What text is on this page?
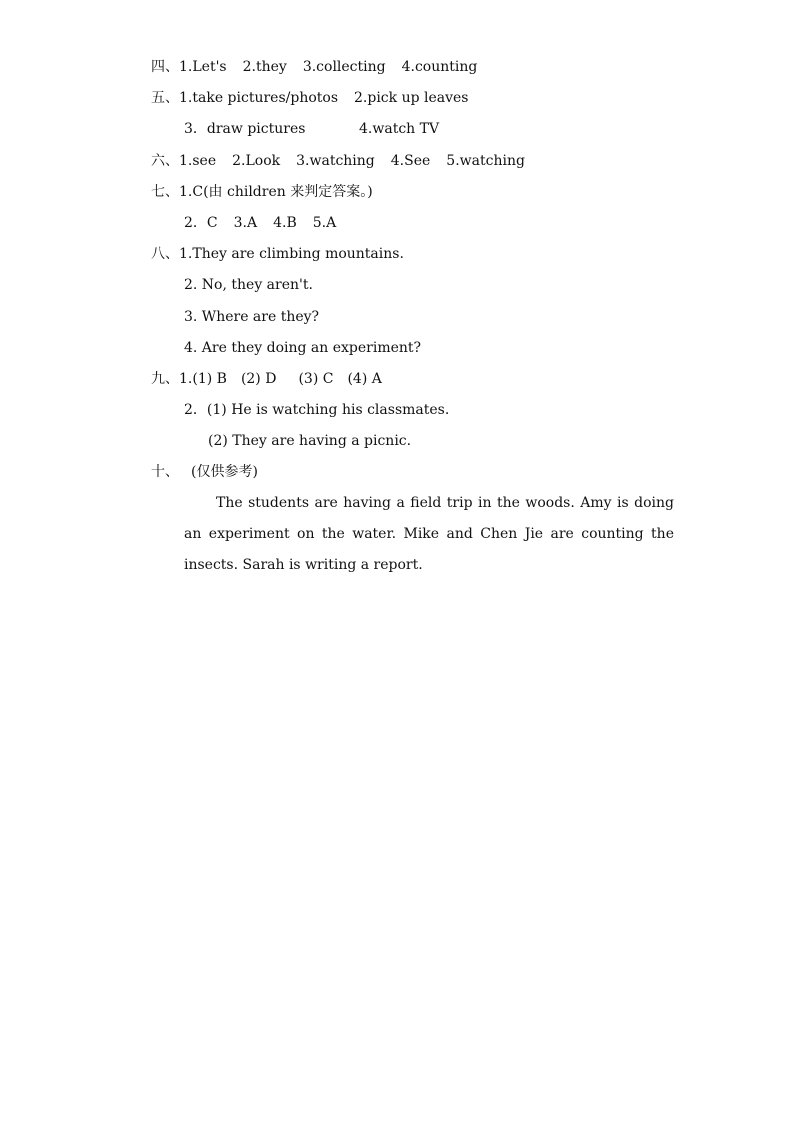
四、1.Let's 2.they 3.collecting 4.counting
五、1.take pictures/photos 2.pick up leaves
3．draw pictures	4.watch TV
六、1.see 2.Look 3.watching 4.See 5.watching
七、1.C(由 children 来判定答案。)
2．C 3.A 4.B 5.A
八、1.They are climbing mountains.
2. No, they aren't.
3. Where are they?
4. Are they doing an experiment?
九、1.(1) B (2) D (3) C (4) A
2．(1) He is watching his classmates.
(2) They are having a picnic.
十、 (仅供参考)
The students are having a field trip in the woods. Amy is doing an experiment on the water. Mike and Chen Jie are counting the insects. Sarah is writing a report.
